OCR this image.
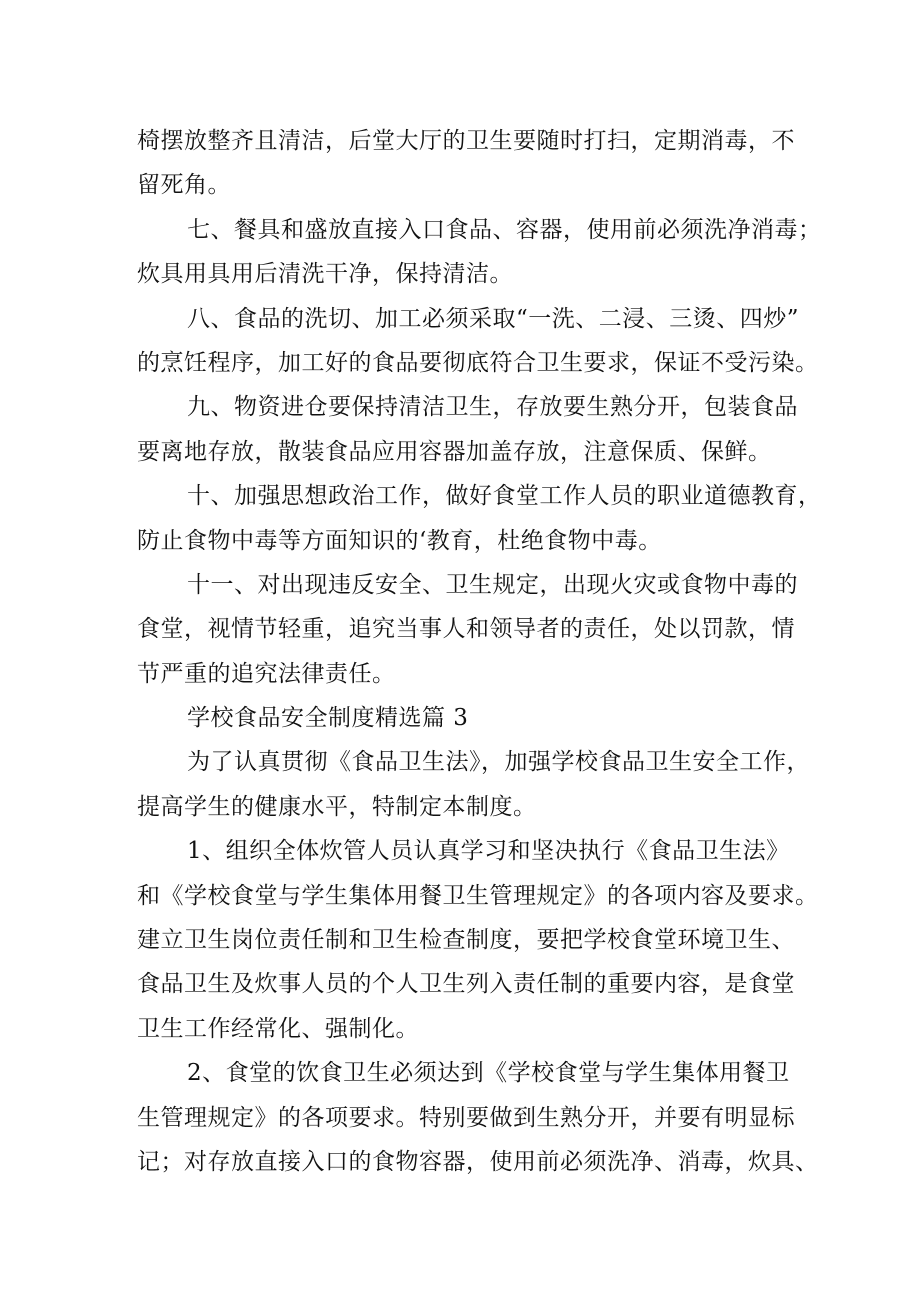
椅摆放整齐且清洁，后堂大厅的卫生要随时打扫，定期消毒，不
留死角。
七、餐具和盛放直接入口食品、容器，使用前必须洗净消毒；
炊具用具用后清洗干净，保持清洁。
八、食品的洗切、加工必须采取“一洗、二浸、三烫、四炒”
的烹饪程序，加工好的食品要彻底符合卫生要求，保证不受污染。
九、物资进仓要保持清洁卫生，存放要生熟分开，包装食品
要离地存放，散装食品应用容器加盖存放，注意保质、保鲜。
十、加强思想政治工作，做好食堂工作人员的职业道德教育，
防止食物中毒等方面知识的‘教育，杜绝食物中毒。
十一、对出现违反安全、卫生规定，出现火灾或食物中毒的
食堂，视情节轻重，追究当事人和领导者的责任，处以罚款，情
节严重的追究法律责任。
学校食品安全制度精选篇 3
为了认真贯彻《食品卫生法》，加强学校食品卫生安全工作，
提高学生的健康水平，特制定本制度。
1、组织全体炊管人员认真学习和坚决执行《食品卫生法》
和《学校食堂与学生集体用餐卫生管理规定》的各项内容及要求。
建立卫生岗位责任制和卫生检查制度，要把学校食堂环境卫生、
食品卫生及炊事人员的个人卫生列入责任制的重要内容，是食堂
卫生工作经常化、强制化。
2、食堂的饮食卫生必须达到《学校食堂与学生集体用餐卫
生管理规定》的各项要求。特别要做到生熟分开，并要有明显标
记；对存放直接入口的食物容器，使用前必须洗净、消毒，炊具、
